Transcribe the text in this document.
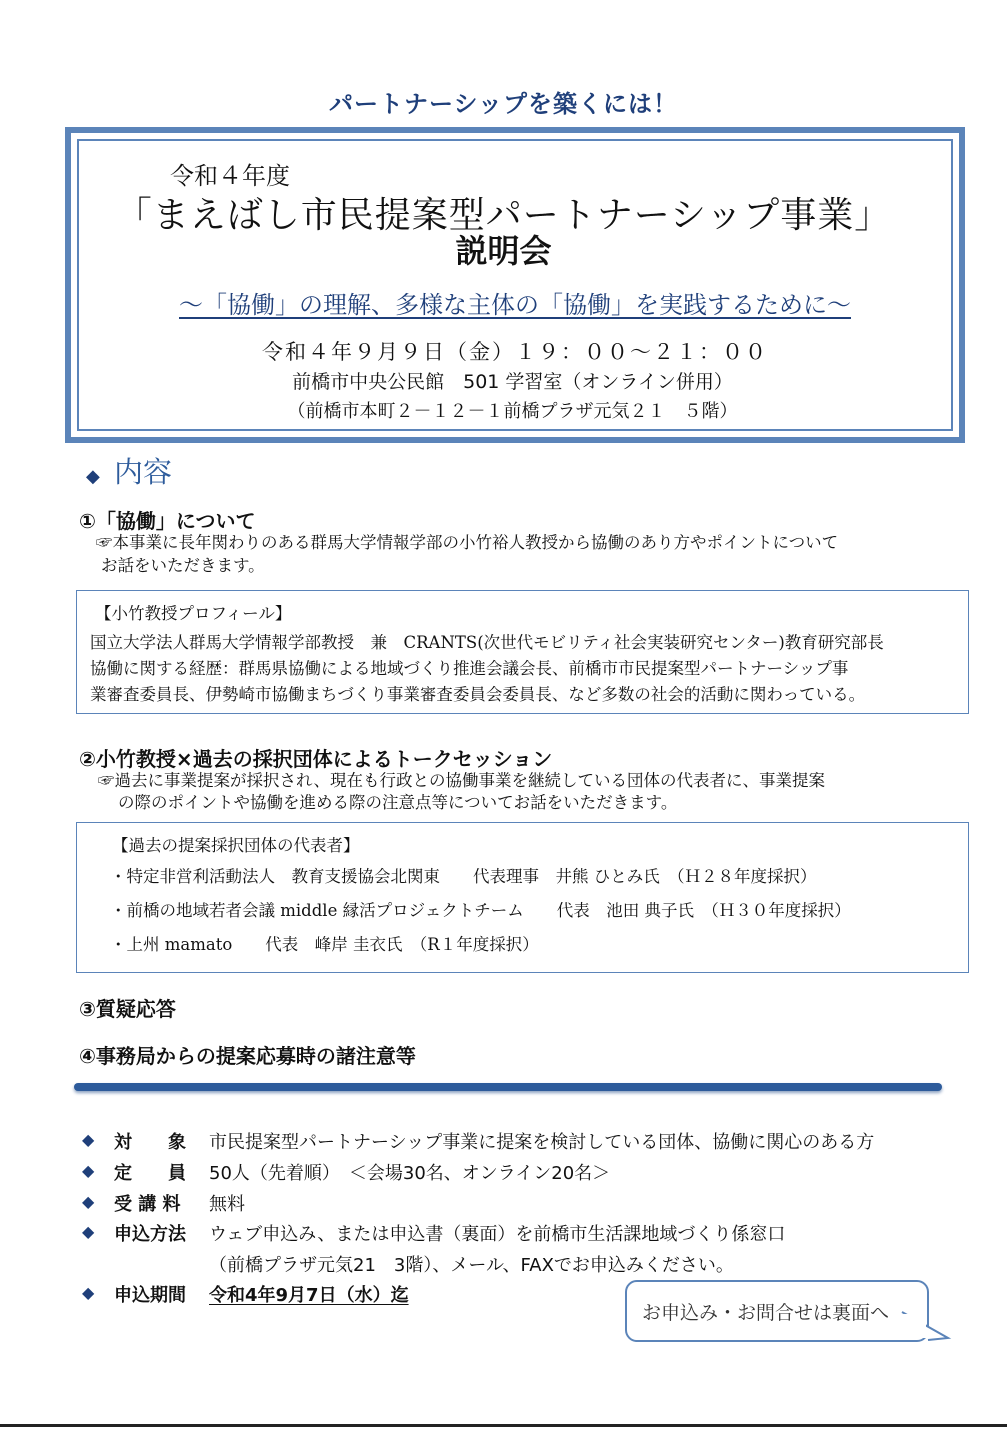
パートナーシップを築くには！
令和４年度
「まえばし市民提案型パートナーシップ事業」
説明会
～「協働」の理解、多様な主体の「協働」を実践するために～
令和４年９月９日（金）１９：００～２１：００
前橋市中央公民館　501 学習室（オンライン併用）
（前橋市本町２－１２－１前橋プラザ元気２１　５階）
◆ 内容
①「協働」について
☞本事業に長年関わりのある群馬大学情報学部の小竹裕人教授から協働のあり方やポイントについて
お話をいただきます。
【小竹教授プロフィール】
国立大学法人群馬大学情報学部教授　兼　CRANTS(次世代モビリティ社会実装研究センター)教育研究部長
協働に関する経歴：群馬県協働による地域づくり推進会議会長、前橋市市民提案型パートナーシップ事
業審査委員長、伊勢崎市協働まちづくり事業審査委員会委員長、など多数の社会的活動に関わっている。
②小竹教授×過去の採択団体によるトークセッション
☞過去に事業提案が採択され、現在も行政との協働事業を継続している団体の代表者に、事業提案
の際のポイントや協働を進める際の注意点等についてお話をいただきます。
【過去の提案採択団体の代表者】
・特定非営利活動法人　教育支援協会北関東　　代表理事　井熊 ひとみ氏　（Ｈ２８年度採択）
・前橋の地域若者会議 middle 縁活プロジェクトチーム　　代表　池田 典子氏　（Ｈ３０年度採択）
・上州 mamato　　代表　峰岸 圭衣氏　（R１年度採択）
③質疑応答
④事務局からの提案応募時の諸注意等
◆ 対　　象 市民提案型パートナーシップ事業に提案を検討している団体、協働に関心のある方
◆ 定　　員 50人（先着順）　＜会場30名、オンライン20名＞
◆ 受 講 料 無料
◆ 申込方法 ウェブ申込み、または申込書（裏面）を前橋市生活課地域づくり係窓口
（前橋プラザ元気21　3階）、メール、FAXでお申込みください。
◆ 申込期間 令和4年9月7日（水）迄
お申込み・お問合せは裏面へ
